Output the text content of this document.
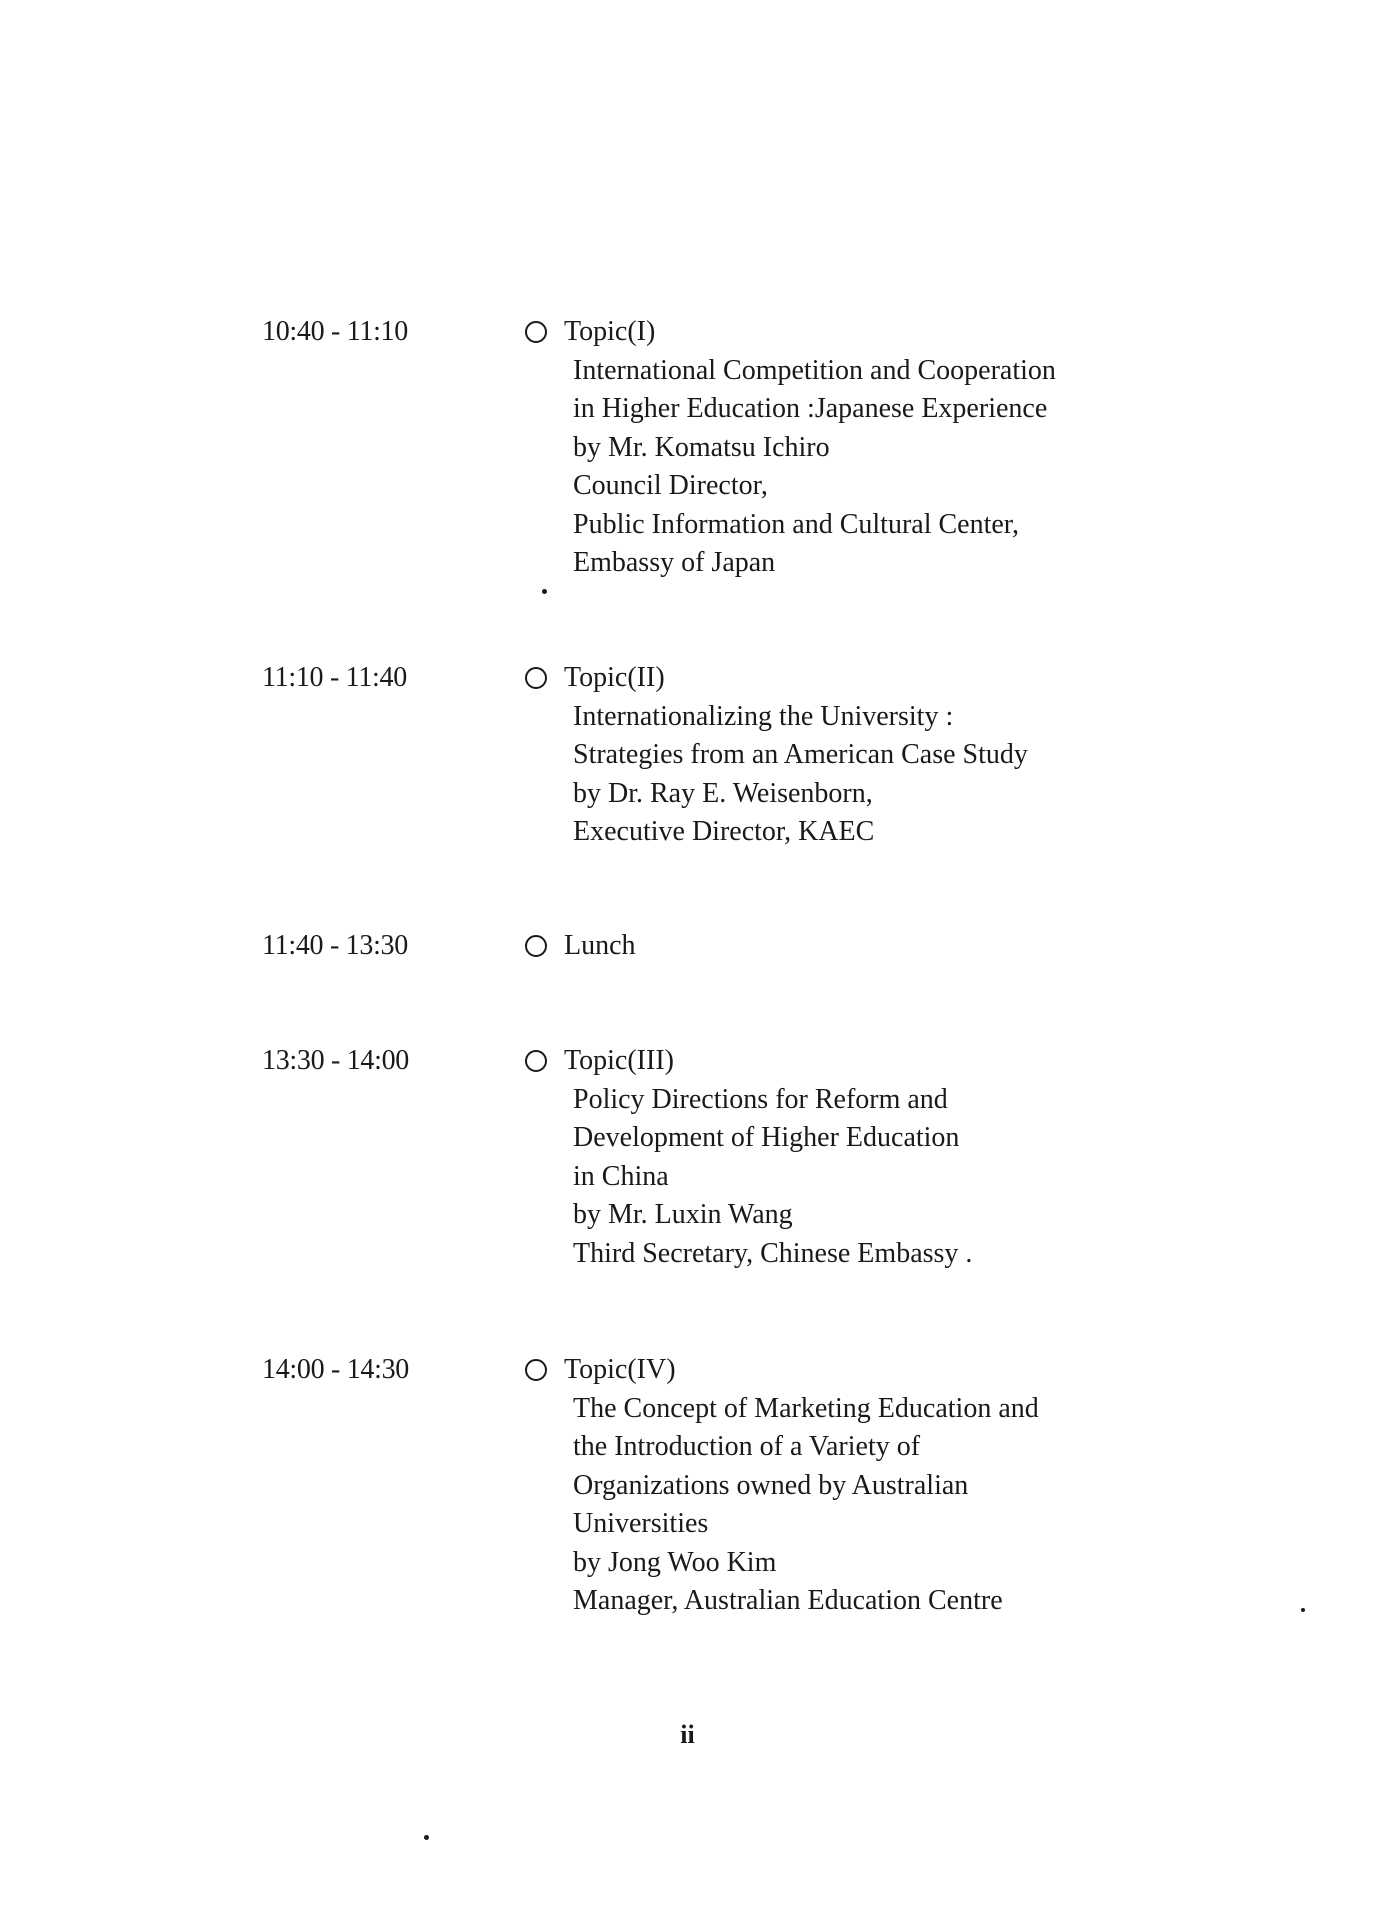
10:40 - 11:10	Topic(I)
International Competition and Cooperation
in Higher Education :Japanese Experience
by Mr. Komatsu Ichiro
Council Director,
Public Information and Cultural Center,
Embassy of Japan
11:10 - 11:40	Topic(II)
Internationalizing the University :
Strategies from an American Case Study
by Dr. Ray E. Weisenborn,
Executive Director, KAEC
11:40 - 13:30	Lunch
13:30 - 14:00	Topic(III)
Policy Directions for Reform and
Development of Higher Education
in China
by Mr. Luxin Wang
Third Secretary, Chinese Embassy .
14:00 - 14:30	Topic(IV)
The Concept of Marketing Education and
the Introduction of a Variety of
Organizations owned by Australian
Universities
by Jong Woo Kim
Manager, Australian Education Centre
ii
